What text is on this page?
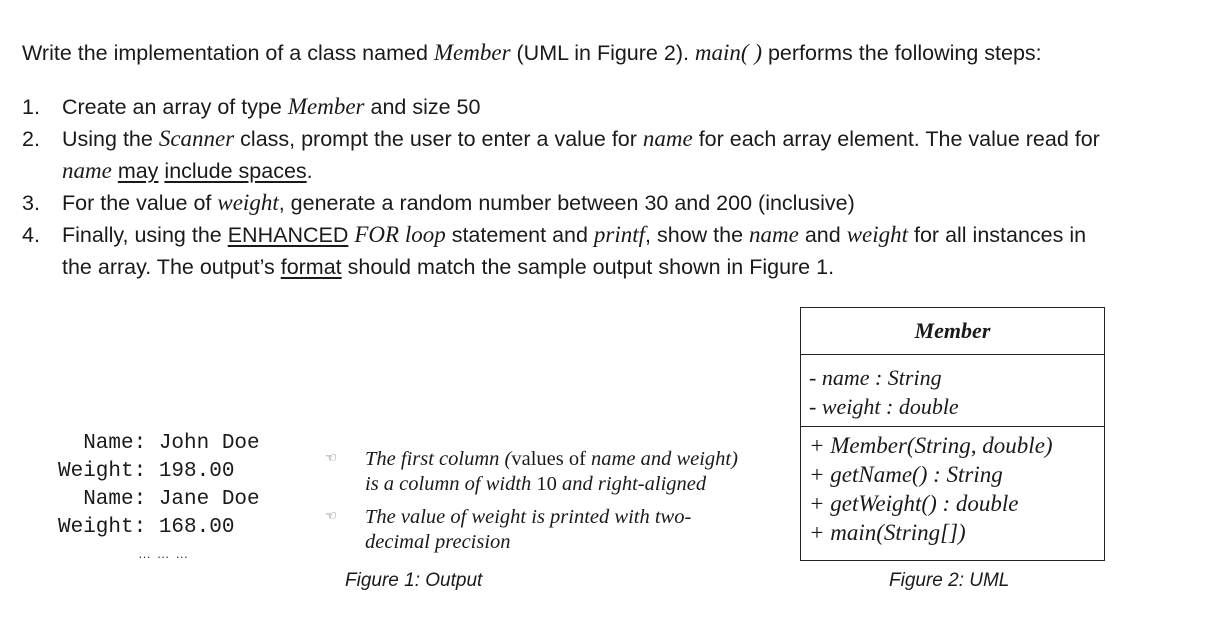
Write the implementation of a class named Member (UML in Figure 2). main( ) performs the following steps:
1. Create an array of type Member and size 50
2. Using the Scanner class, prompt the user to enter a value for name for each array element. The value read for
name may include spaces.
3. For the value of weight, generate a random number between 30 and 200 (inclusive)
4. Finally, using the ENHANCED FOR loop statement and printf, show the name and weight for all instances in
the array. The output’s format should match the sample output shown in Figure 1.
Name: John Doe
Weight: 198.00
Name: Jane Doe
Weight: 168.00
… … …
☜ The first column (values of name and weight)
is a column of width 10 and right-aligned
☜ The value of weight is printed with two-
decimal precision
Figure 1: Output
Member
- name : String
- weight : double
+ Member(String, double)
+ getName() : String
+ getWeight() : double
+ main(String[])
Figure 2: UML
